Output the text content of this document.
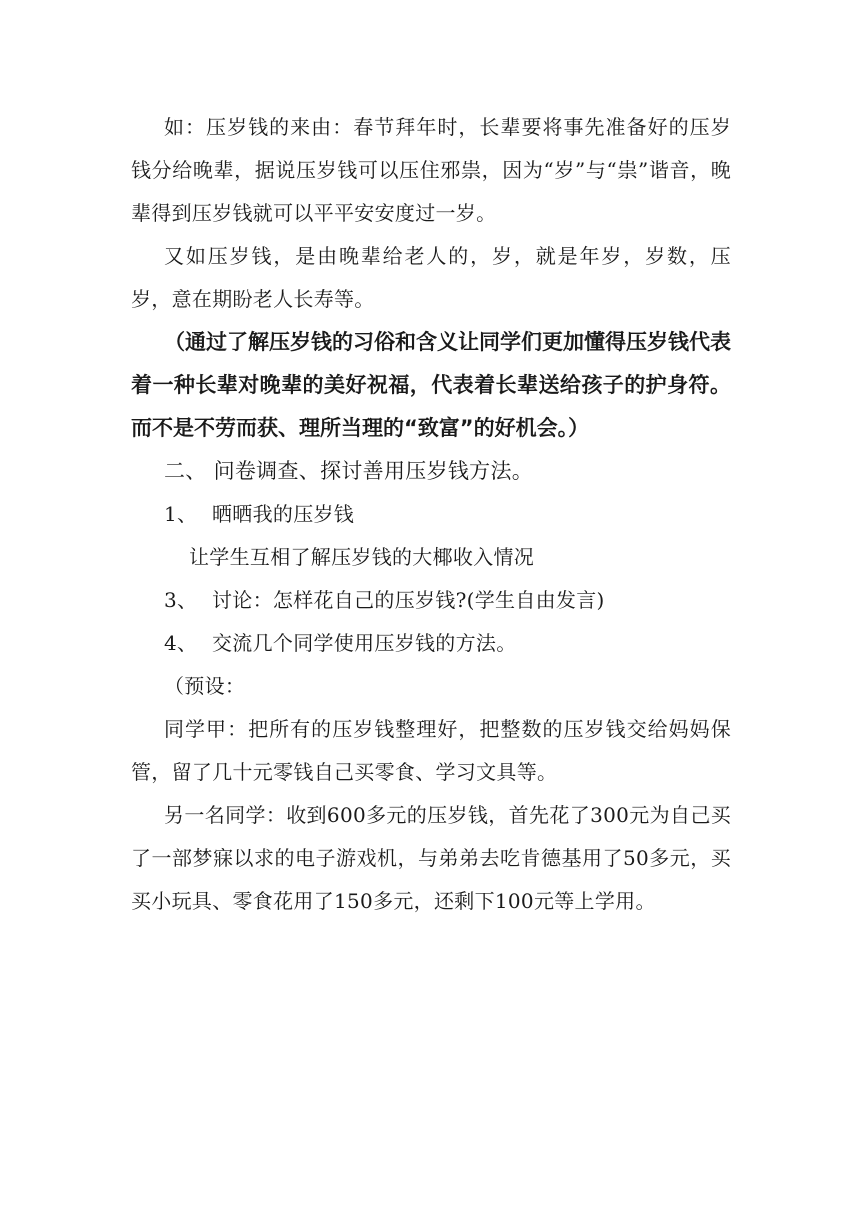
如：压岁钱的来由：春节拜年时，长辈要将事先准备好的压岁钱分给晚辈，据说压岁钱可以压住邪祟，因为“岁”与“祟”谐音，晚辈得到压岁钱就可以平平安安度过一岁。

又如压岁钱，是由晚辈给老人的，岁，就是年岁，岁数，压岁，意在期盼老人长寿等。

（通过了解压岁钱的习俗和含义让同学们更加懂得压岁钱代表着一种长辈对晚辈的美好祝福，代表着长辈送给孩子的护身符。而不是不劳而获、理所当理的“致富”的好机会。）

二、 问卷调查、探讨善用压岁钱方法。

1、 晒晒我的压岁钱

让学生互相了解压岁钱的大椰收入情况

3、 讨论：怎样花自己的压岁钱?(学生自由发言)

4、 交流几个同学使用压岁钱的方法。

（预设：

同学甲：把所有的压岁钱整理好，把整数的压岁钱交给妈妈保管，留了几十元零钱自己买零食、学习文具等。

另一名同学：收到600多元的压岁钱，首先花了300元为自己买了一部梦寐以求的电子游戏机，与弟弟去吃肯德基用了50多元，买买小玩具、零食花用了150多元，还剩下100元等上学用。
